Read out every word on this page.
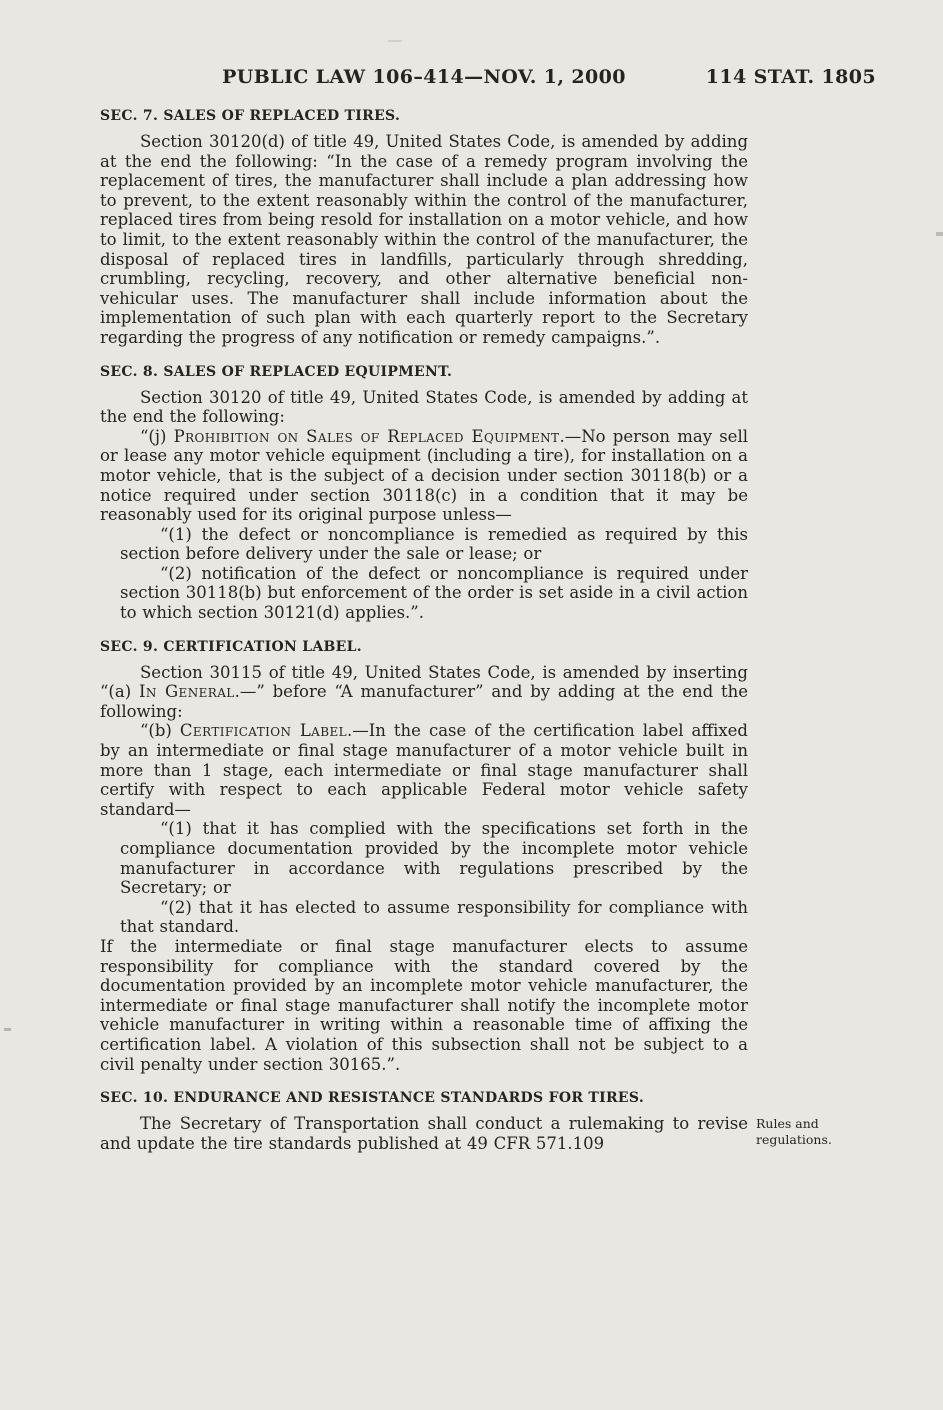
PUBLIC LAW 106–414—NOV. 1, 2000	114 STAT. 1805
SEC. 7. SALES OF REPLACED TIRES.

Section 30120(d) of title 49, United States Code, is amended by adding at the end the following: “In the case of a remedy program involving the replacement of tires, the manufacturer shall include a plan addressing how to prevent, to the extent reasonably within the control of the manufacturer, replaced tires from being resold for installation on a motor vehicle, and how to limit, to the extent reasonably within the control of the manufacturer, the disposal of replaced tires in landfills, particularly through shredding, crumbling, recycling, recovery, and other alternative beneficial non-vehicular uses. The manufacturer shall include information about the implementation of such plan with each quarterly report to the Secretary regarding the progress of any notification or remedy campaigns.”.

SEC. 8. SALES OF REPLACED EQUIPMENT.

Section 30120 of title 49, United States Code, is amended by adding at the end the following:

“(j) Prohibition on Sales of Replaced Equipment.—No person may sell or lease any motor vehicle equipment (including a tire), for installation on a motor vehicle, that is the subject of a decision under section 30118(b) or a notice required under section 30118(c) in a condition that it may be reasonably used for its original purpose unless—

“(1) the defect or noncompliance is remedied as required by this section before delivery under the sale or lease; or

“(2) notification of the defect or noncompliance is required under section 30118(b) but enforcement of the order is set aside in a civil action to which section 30121(d) applies.”.

SEC. 9. CERTIFICATION LABEL.

Section 30115 of title 49, United States Code, is amended by inserting “(a) In General.—” before “A manufacturer” and by adding at the end the following:

“(b) Certification Label.—In the case of the certification label affixed by an intermediate or final stage manufacturer of a motor vehicle built in more than 1 stage, each intermediate or final stage manufacturer shall certify with respect to each applicable Federal motor vehicle safety standard—

“(1) that it has complied with the specifications set forth in the compliance documentation provided by the incomplete motor vehicle manufacturer in accordance with regulations prescribed by the Secretary; or

“(2) that it has elected to assume responsibility for compliance with that standard.

If the intermediate or final stage manufacturer elects to assume responsibility for compliance with the standard covered by the documentation provided by an incomplete motor vehicle manufacturer, the intermediate or final stage manufacturer shall notify the incomplete motor vehicle manufacturer in writing within a reasonable time of affixing the certification label. A violation of this subsection shall not be subject to a civil penalty under section 30165.”.

SEC. 10. ENDURANCE AND RESISTANCE STANDARDS FOR TIRES.

The Secretary of Transportation shall conduct a rulemaking to revise and update the tire standards published at 49 CFR 571.109

Rules and regulations.
